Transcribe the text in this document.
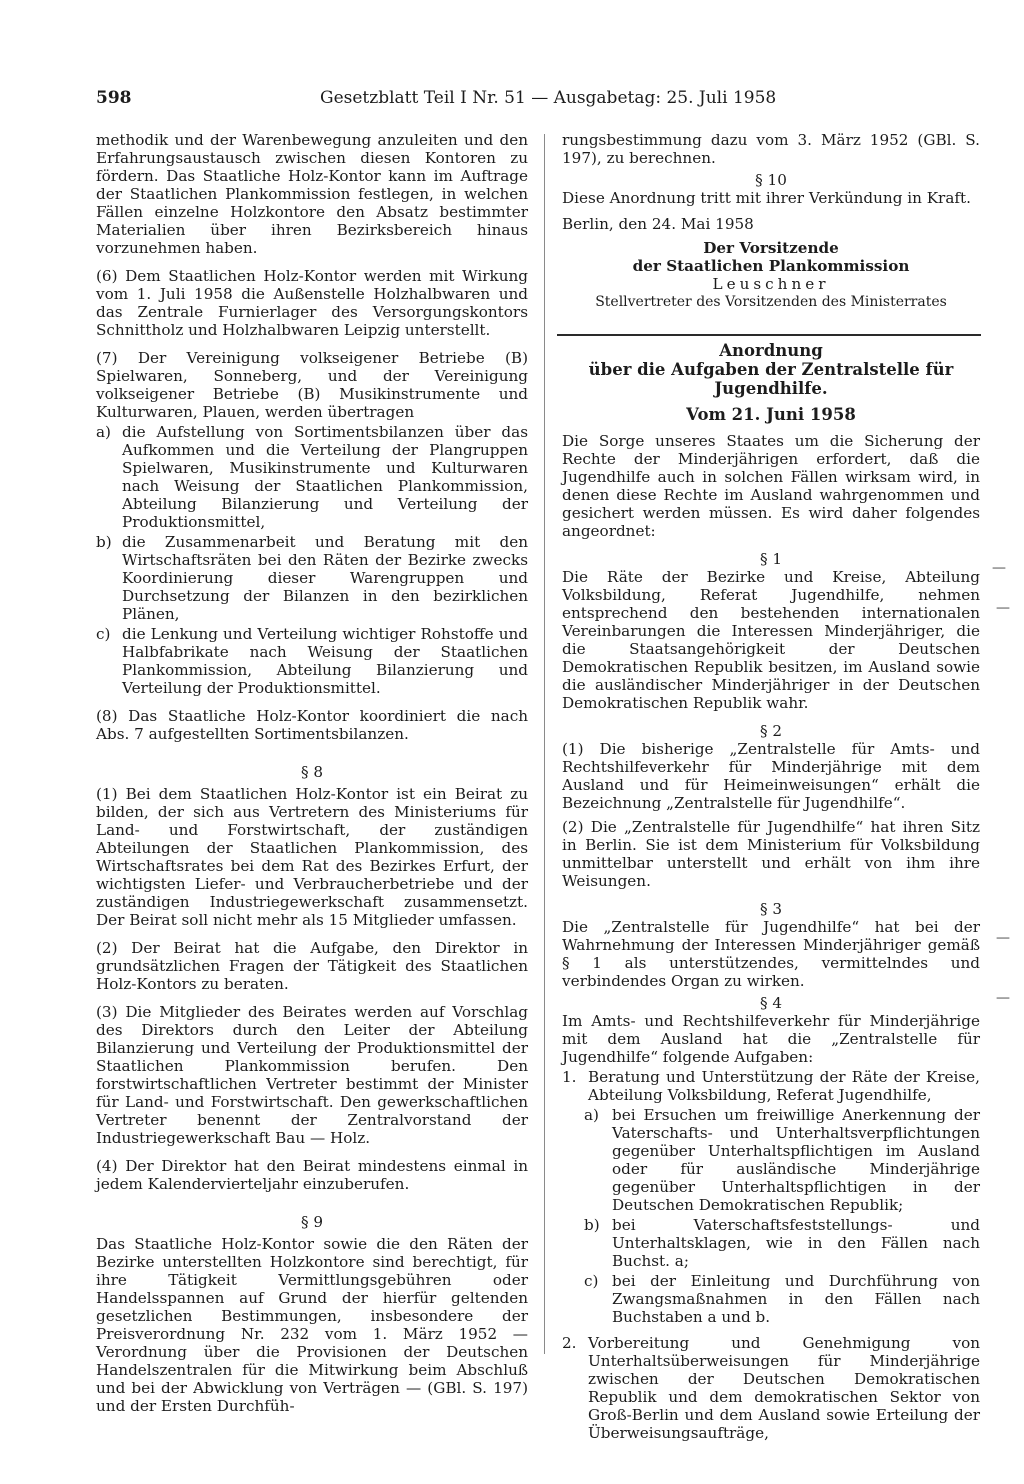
598	Gesetzblatt Teil I Nr. 51 — Ausgabetag: 25. Juli 1958

methodik und der Warenbewegung anzuleiten und den Erfahrungsaustausch zwischen diesen Kontoren zu fördern. Das Staatliche Holz-Kontor kann im Auftrage der Staatlichen Plankommission festlegen, in welchen Fällen einzelne Holzkontore den Absatz bestimmter Materialien über ihren Bezirksbereich hinaus vorzunehmen haben.

(6) Dem Staatlichen Holz-Kontor werden mit Wirkung vom 1. Juli 1958 die Außenstelle Holzhalbwaren und das Zentrale Furnierlager des Versorgungskontors Schnittholz und Holzhalbwaren Leipzig unterstellt.

(7) Der Vereinigung volkseigener Betriebe (B) Spielwaren, Sonneberg, und der Vereinigung volkseigener Betriebe (B) Musikinstrumente und Kulturwaren, Plauen, werden übertragen

a) die Aufstellung von Sortimentsbilanzen über das Aufkommen und die Verteilung der Plangruppen Spielwaren, Musikinstrumente und Kulturwaren nach Weisung der Staatlichen Plankommission, Abteilung Bilanzierung und Verteilung der Produktionsmittel,
b) die Zusammenarbeit und Beratung mit den Wirtschaftsräten bei den Räten der Bezirke zwecks Koordinierung dieser Warengruppen und Durchsetzung der Bilanzen in den bezirklichen Plänen,
c) die Lenkung und Verteilung wichtiger Rohstoffe und Halbfabrikate nach Weisung der Staatlichen Plankommission, Abteilung Bilanzierung und Verteilung der Produktionsmittel.

(8) Das Staatliche Holz-Kontor koordiniert die nach Abs. 7 aufgestellten Sortimentsbilanzen.

§ 8

(1) Bei dem Staatlichen Holz-Kontor ist ein Beirat zu bilden, der sich aus Vertretern des Ministeriums für Land- und Forstwirtschaft, der zuständigen Abteilungen der Staatlichen Plankommission, des Wirtschaftsrates bei dem Rat des Bezirkes Erfurt, der wichtigsten Liefer- und Verbraucherbetriebe und der zuständigen Industriegewerkschaft zusammensetzt. Der Beirat soll nicht mehr als 15 Mitglieder umfassen.

(2) Der Beirat hat die Aufgabe, den Direktor in grundsätzlichen Fragen der Tätigkeit des Staatlichen Holz-Kontors zu beraten.

(3) Die Mitglieder des Beirates werden auf Vorschlag des Direktors durch den Leiter der Abteilung Bilanzierung und Verteilung der Produktionsmittel der Staatlichen Plankommission berufen. Den forstwirtschaftlichen Vertreter bestimmt der Minister für Land- und Forstwirtschaft. Den gewerkschaftlichen Vertreter benennt der Zentralvorstand der Industriegewerkschaft Bau — Holz.

(4) Der Direktor hat den Beirat mindestens einmal in jedem Kalendervierteljahr einzuberufen.

§ 9

Das Staatliche Holz-Kontor sowie die den Räten der Bezirke unterstellten Holzkontore sind berechtigt, für ihre Tätigkeit Vermittlungsgebühren oder Handelsspannen auf Grund der hierfür geltenden gesetzlichen Bestimmungen, insbesondere der Preisverordnung Nr. 232 vom 1. März 1952 — Verordnung über die Provisionen der Deutschen Handelszentralen für die Mitwirkung beim Abschluß und bei der Abwicklung von Verträgen — (GBl. S. 197) und der Ersten Durchfüh-

rungsbestimmung dazu vom 3. März 1952 (GBl. S. 197), zu berechnen.

§ 10

Diese Anordnung tritt mit ihrer Verkündung in Kraft.

Berlin, den 24. Mai 1958

Der Vorsitzende

der Staatlichen Plankommission

Leuschner

Stellvertreter des Vorsitzenden des Ministerrates

Anordnung

über die Aufgaben der Zentralstelle für Jugendhilfe.

Vom 21. Juni 1958

Die Sorge unseres Staates um die Sicherung der Rechte der Minderjährigen erfordert, daß die Jugendhilfe auch in solchen Fällen wirksam wird, in denen diese Rechte im Ausland wahrgenommen und gesichert werden müssen. Es wird daher folgendes angeordnet:

§ 1

Die Räte der Bezirke und Kreise, Abteilung Volksbildung, Referat Jugendhilfe, nehmen entsprechend den bestehenden internationalen Vereinbarungen die Interessen Minderjähriger, die die Staatsangehörigkeit der Deutschen Demokratischen Republik besitzen, im Ausland sowie die ausländischer Minderjähriger in der Deutschen Demokratischen Republik wahr.

§ 2

(1) Die bisherige „Zentralstelle für Amts- und Rechtshilfeverkehr für Minderjährige mit dem Ausland und für Heimeinweisungen“ erhält die Bezeichnung „Zentralstelle für Jugendhilfe“.

(2) Die „Zentralstelle für Jugendhilfe“ hat ihren Sitz in Berlin. Sie ist dem Ministerium für Volksbildung unmittelbar unterstellt und erhält von ihm ihre Weisungen.

§ 3

Die „Zentralstelle für Jugendhilfe“ hat bei der Wahrnehmung der Interessen Minderjähriger gemäß § 1 als unterstützendes, vermittelndes und verbindendes Organ zu wirken.

§ 4

Im Amts- und Rechtshilfeverkehr für Minderjährige mit dem Ausland hat die „Zentralstelle für Jugendhilfe“ folgende Aufgaben:

1. Beratung und Unterstützung der Räte der Kreise, Abteilung Volksbildung, Referat Jugendhilfe,
a) bei Ersuchen um freiwillige Anerkennung der Vaterschafts- und Unterhaltsverpflichtungen gegenüber Unterhaltspflichtigen im Ausland oder für ausländische Minderjährige gegenüber Unterhaltspflichtigen in der Deutschen Demokratischen Republik;
b) bei Vaterschaftsfeststellungs- und Unterhaltsklagen, wie in den Fällen nach Buchst. a;
c) bei der Einleitung und Durchführung von Zwangsmaßnahmen in den Fällen nach Buchstaben a und b.
2. Vorbereitung und Genehmigung von Unterhaltsüberweisungen für Minderjährige zwischen der Deutschen Demokratischen Republik und dem demokratischen Sektor von Groß-Berlin und dem Ausland sowie Erteilung der Überweisungsaufträge,
—
—
—
—
